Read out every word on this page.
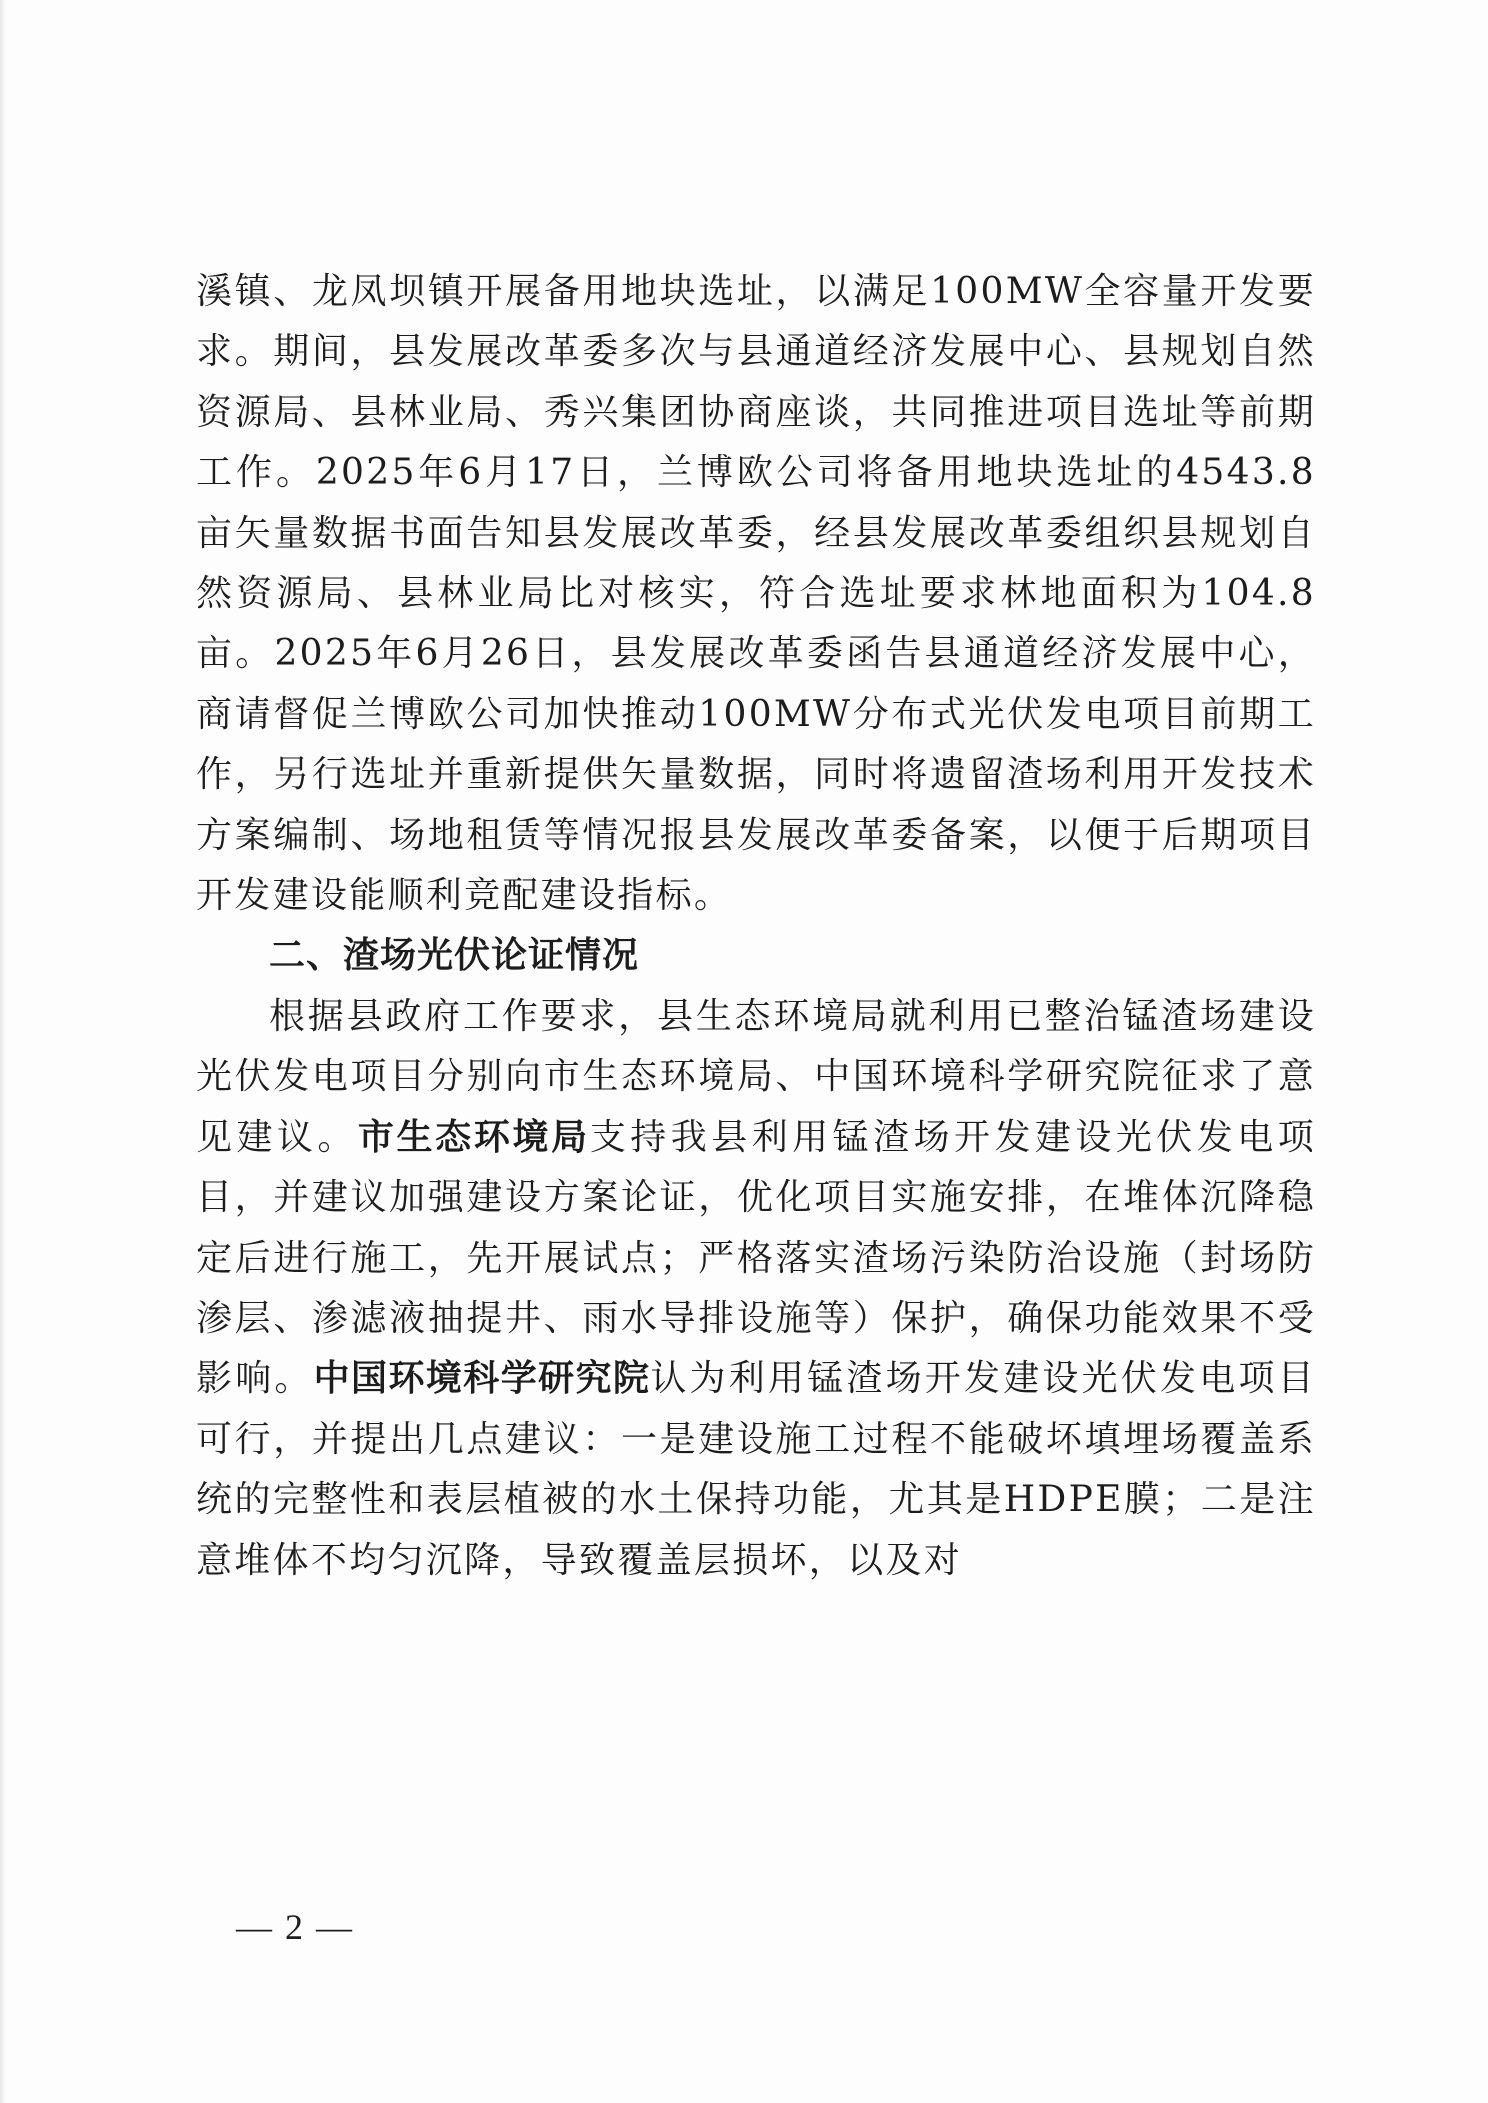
溪镇、龙凤坝镇开展备用地块选址，以满足100MW全容量开发要求。期间，县发展改革委多次与县通道经济发展中心、县规划自然资源局、县林业局、秀兴集团协商座谈，共同推进项目选址等前期工作。2025年6月17日，兰博欧公司将备用地块选址的4543.8亩矢量数据书面告知县发展改革委，经县发展改革委组织县规划自然资源局、县林业局比对核实，符合选址要求林地面积为104.8亩。2025年6月26日，县发展改革委函告县通道经济发展中心，商请督促兰博欧公司加快推动100MW分布式光伏发电项目前期工作，另行选址并重新提供矢量数据，同时将遗留渣场利用开发技术方案编制、场地租赁等情况报县发展改革委备案，以便于后期项目开发建设能顺利竞配建设指标。

二、渣场光伏论证情况

根据县政府工作要求，县生态环境局就利用已整治锰渣场建设光伏发电项目分别向市生态环境局、中国环境科学研究院征求了意见建议。市生态环境局支持我县利用锰渣场开发建设光伏发电项目，并建议加强建设方案论证，优化项目实施安排，在堆体沉降稳定后进行施工，先开展试点；严格落实渣场污染防治设施（封场防渗层、渗滤液抽提井、雨水导排设施等）保护，确保功能效果不受影响。中国环境科学研究院认为利用锰渣场开发建设光伏发电项目可行，并提出几点建议：一是建设施工过程不能破坏填埋场覆盖系统的完整性和表层植被的水土保持功能，尤其是HDPE膜；二是注意堆体不均匀沉降，导致覆盖层损坏，以及对

— 2 —
